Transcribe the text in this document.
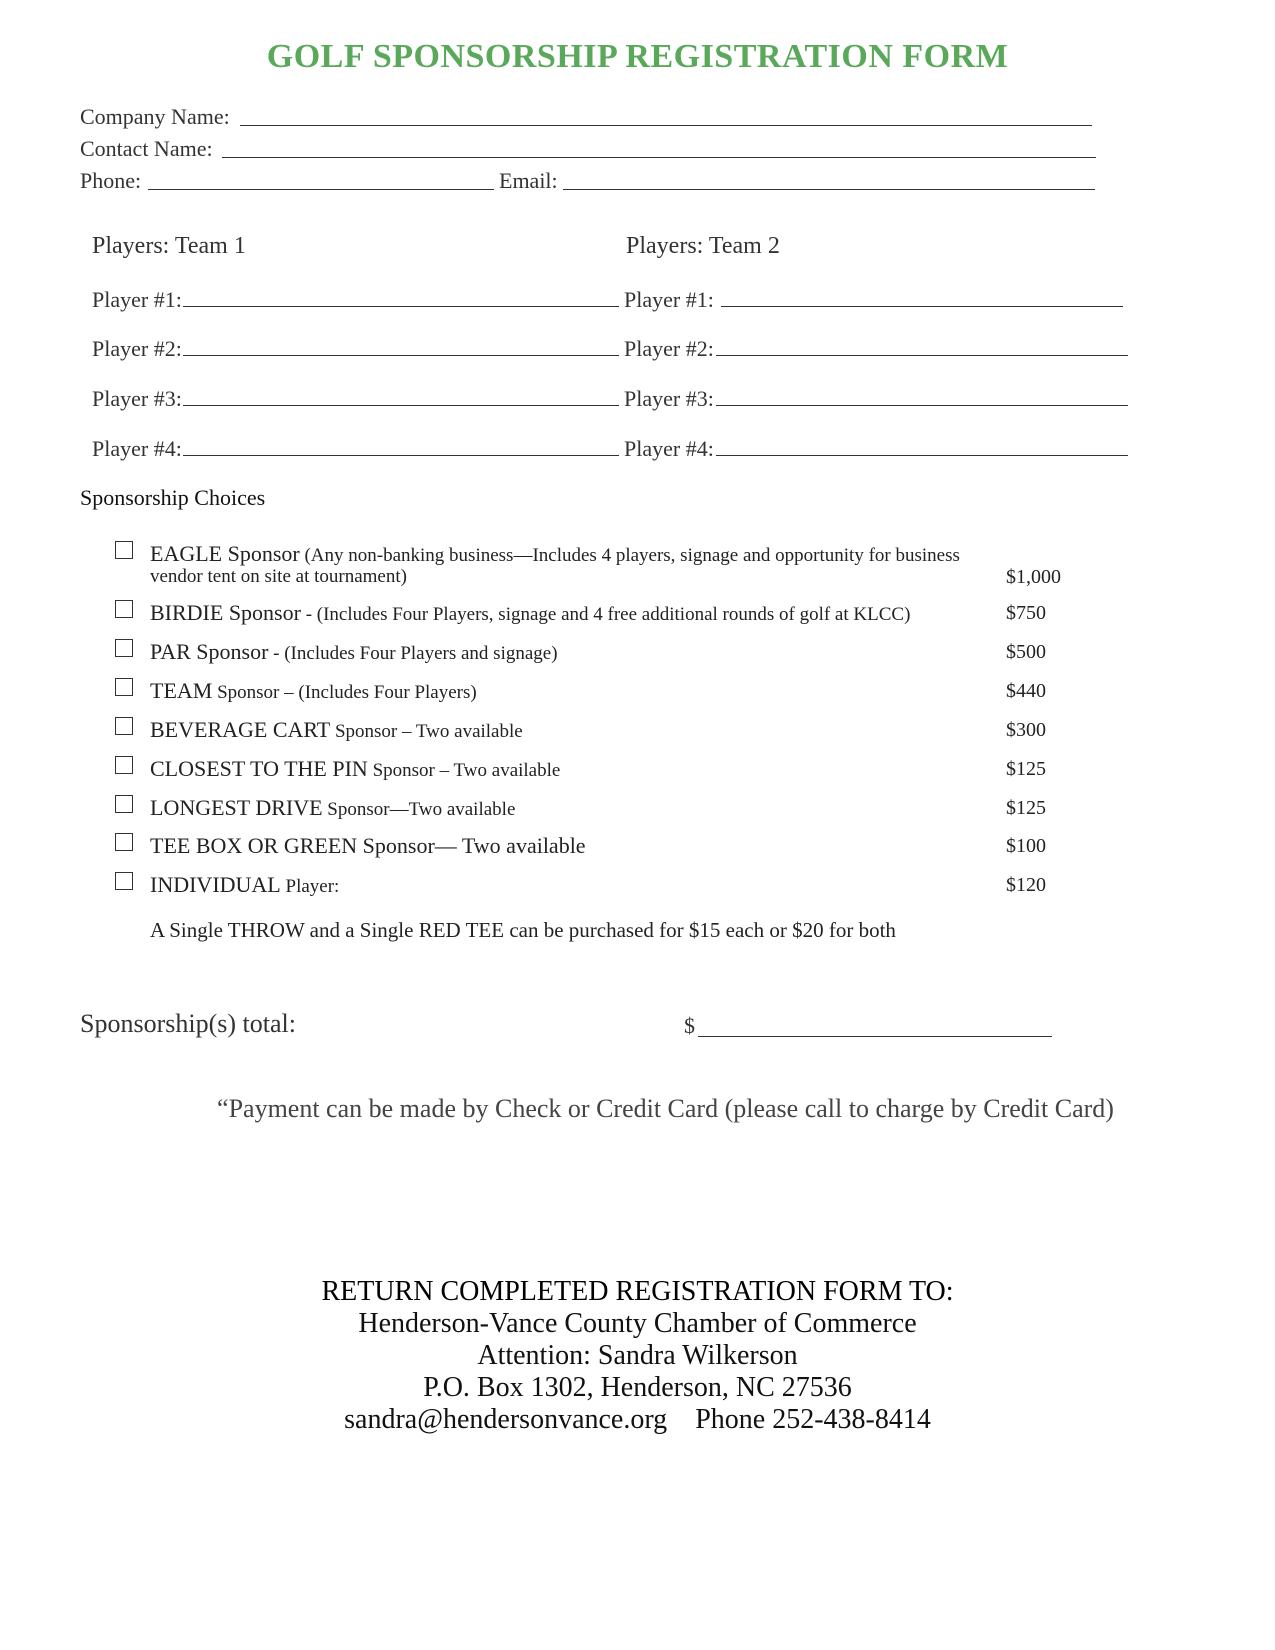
GOLF SPONSORSHIP REGISTRATION FORM
Company Name:
Contact Name:
Phone:	Email:
Players: Team 1	Players: Team 2
Player #1:
Player #2:
Player #3:
Player #4:
Player #1:
Player #2:
Player #3:
Player #4:
Sponsorship Choices
EAGLE Sponsor (Any non-banking business—Includes 4 players, signage and opportunity for business
vendor tent on site at tournament)	$1,000
BIRDIE Sponsor - (Includes Four Players, signage and 4 free additional rounds of golf at KLCC)	$750
PAR Sponsor - (Includes Four Players and signage)	$500
TEAM Sponsor – (Includes Four Players)	$440
BEVERAGE CART Sponsor – Two available	$300
CLOSEST TO THE PIN Sponsor – Two available	$125
LONGEST DRIVE Sponsor—Two available	$125
TEE BOX OR GREEN Sponsor— Two available	$100
INDIVIDUAL Player:	$120
A Single THROW and a Single RED TEE can be purchased for $15 each or $20 for both
Sponsorship(s) total:	$
“Payment can be made by Check or Credit Card (please call to charge by Credit Card)
RETURN COMPLETED REGISTRATION FORM TO:
Henderson-Vance County Chamber of Commerce
Attention: Sandra Wilkerson
P.O. Box 1302, Henderson, NC 27536
sandra@hendersonvance.org Phone 252-438-8414
